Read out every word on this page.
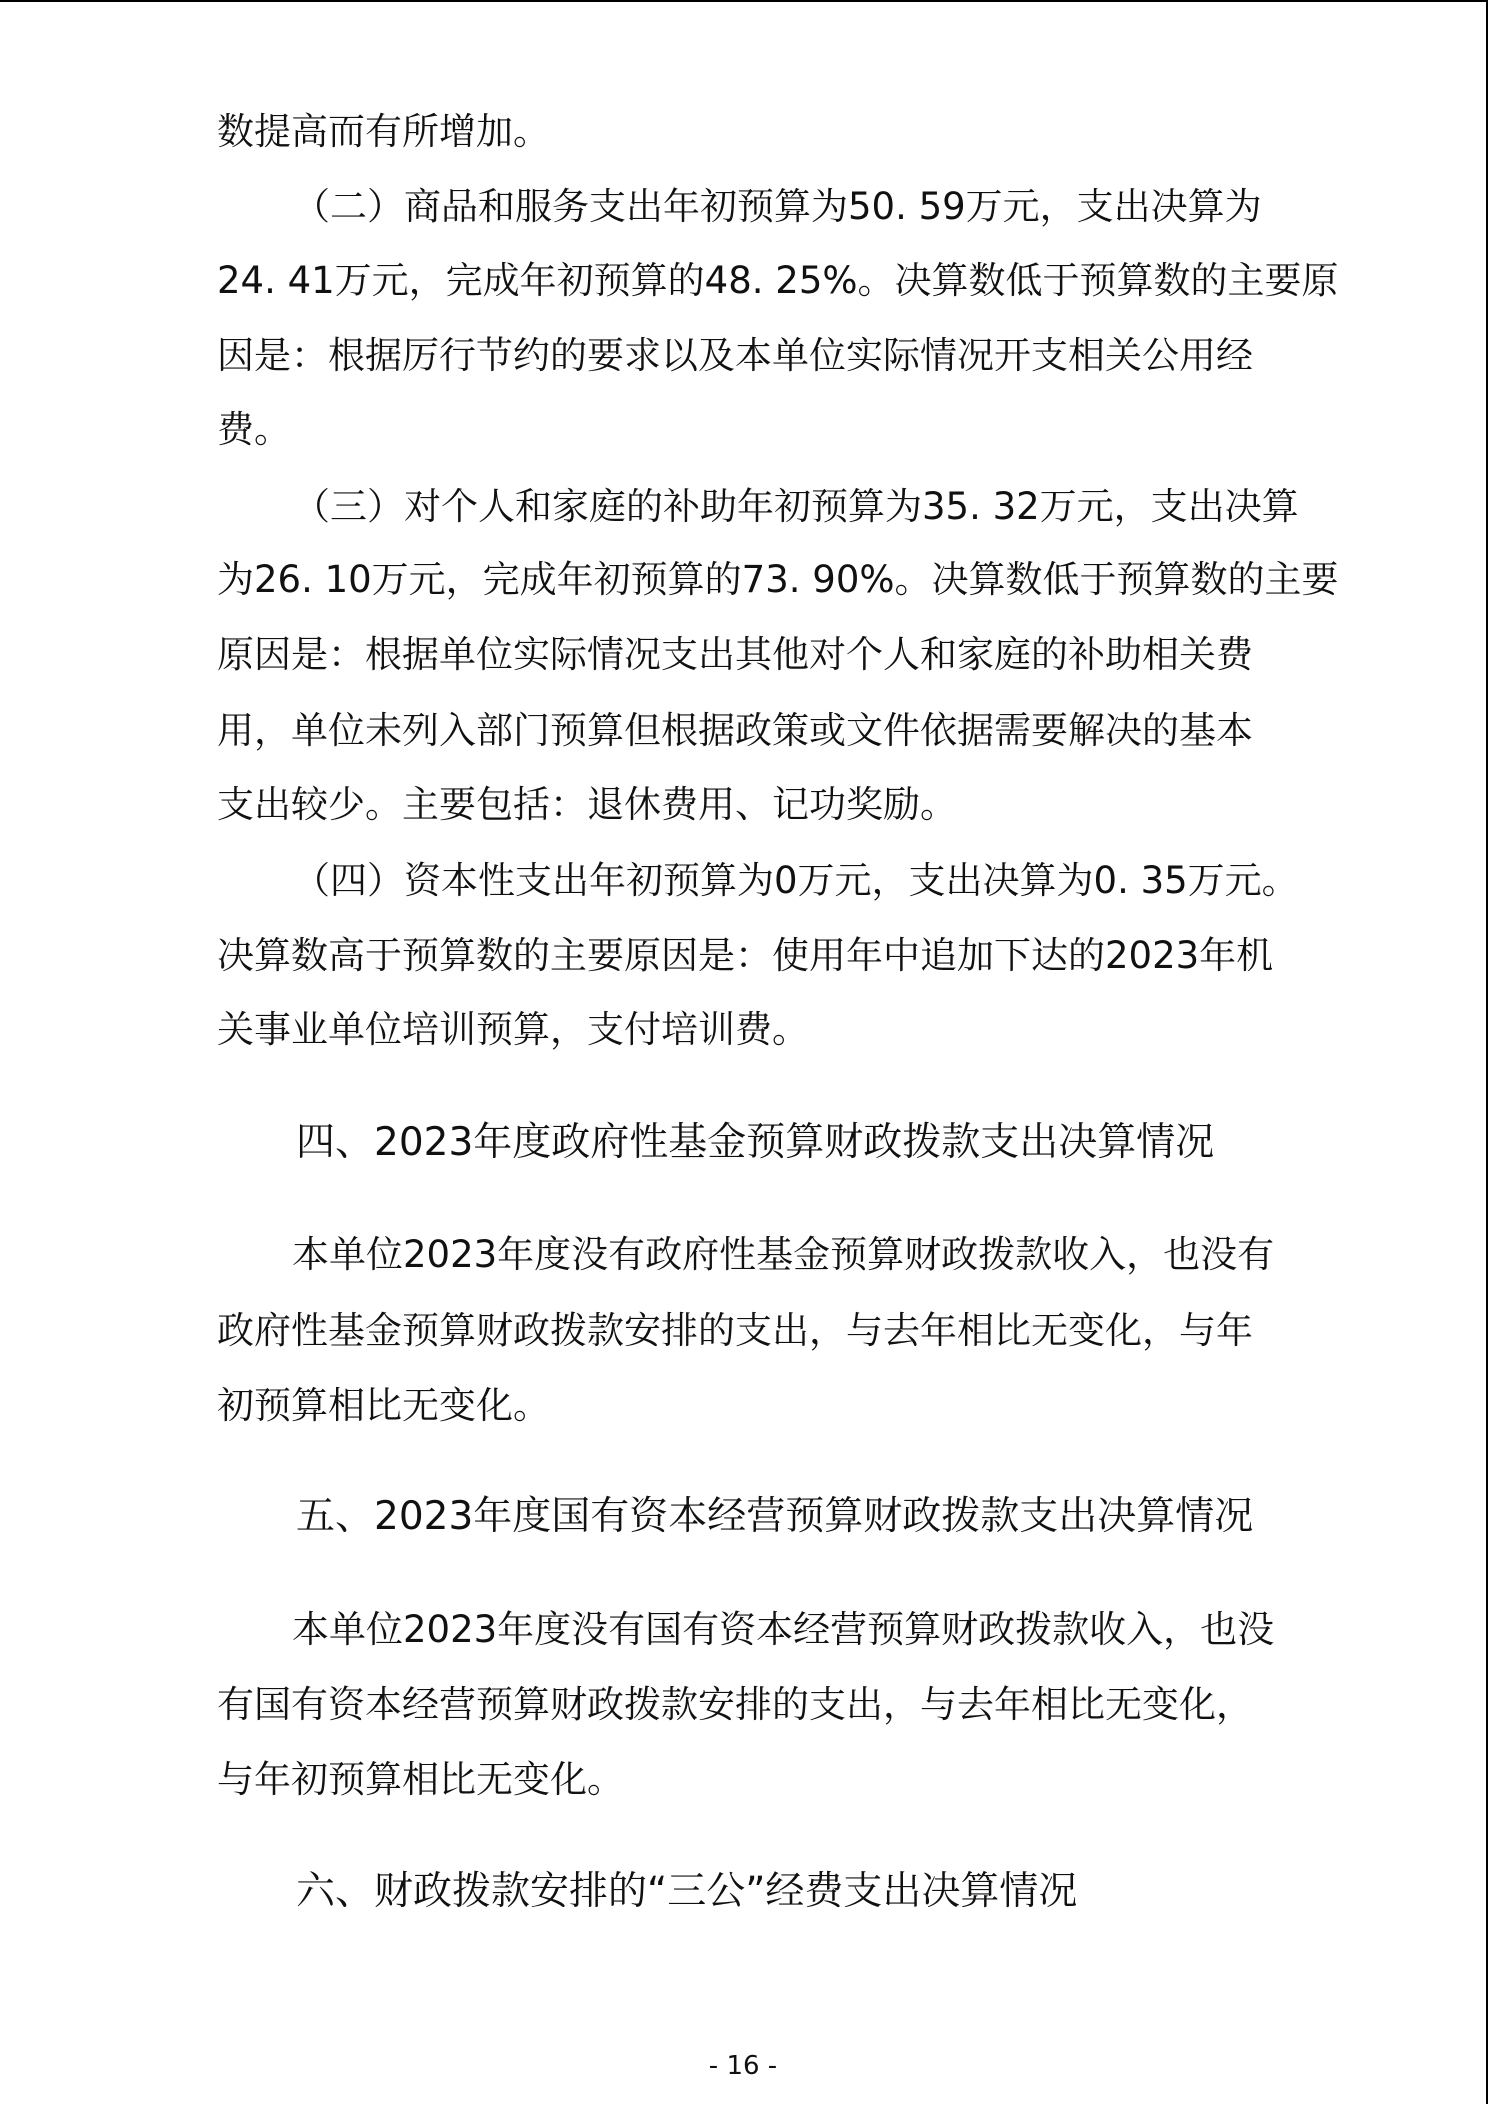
数提高而有所增加。
（二）商品和服务支出年初预算为50. 59万元，支出决算为
24. 41万元，完成年初预算的48. 25%。决算数低于预算数的主要原
因是：根据厉行节约的要求以及本单位实际情况开支相关公用经
费。
（三）对个人和家庭的补助年初预算为35. 32万元，支出决算
为26. 10万元，完成年初预算的73. 90%。决算数低于预算数的主要
原因是：根据单位实际情况支出其他对个人和家庭的补助相关费
用，单位未列入部门预算但根据政策或文件依据需要解决的基本
支出较少。主要包括：退休费用、记功奖励。
（四）资本性支出年初预算为0万元，支出决算为0. 35万元。
决算数高于预算数的主要原因是：使用年中追加下达的2023年机
关事业单位培训预算，支付培训费。
四、2023年度政府性基金预算财政拨款支出决算情况
本单位2023年度没有政府性基金预算财政拨款收入，也没有
政府性基金预算财政拨款安排的支出，与去年相比无变化，与年
初预算相比无变化。
五、2023年度国有资本经营预算财政拨款支出决算情况
本单位2023年度没有国有资本经营预算财政拨款收入，也没
有国有资本经营预算财政拨款安排的支出，与去年相比无变化，
与年初预算相比无变化。
六、财政拨款安排的“三公”经费支出决算情况
- 16 -
